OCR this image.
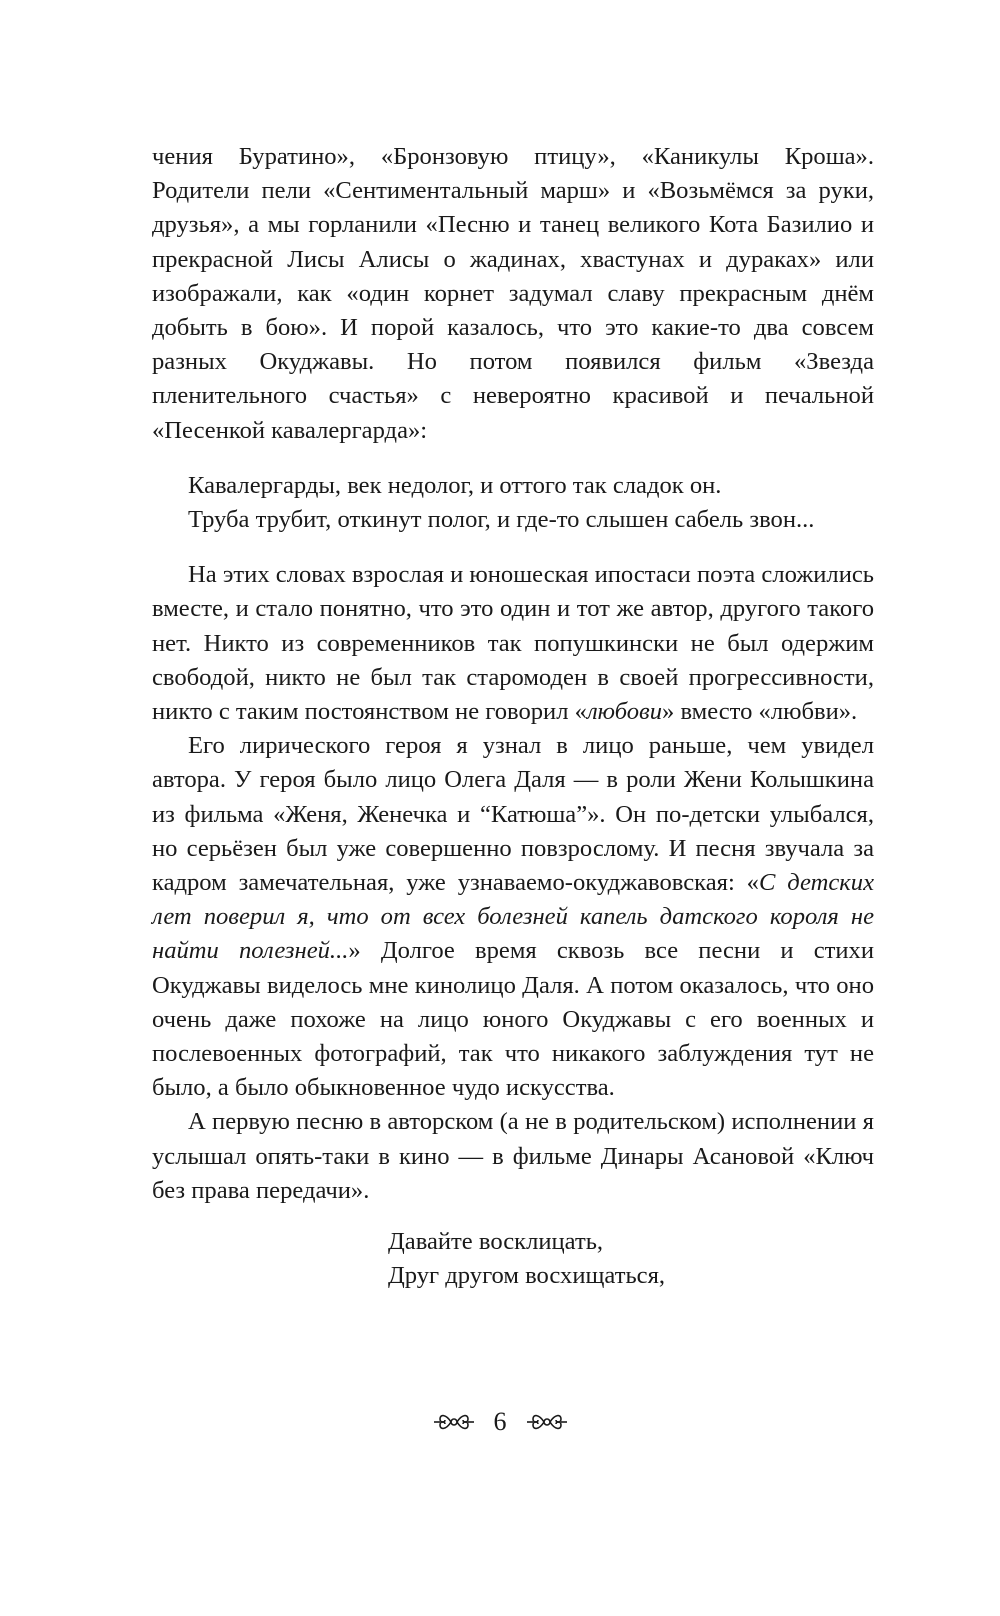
чения Буратино», «Бронзовую птицу», «Каникулы Кроша». Родители пели «Сентиментальный марш» и «Возьмёмся за руки, друзья», а мы горланили «Песню и танец великого Кота Базилио и прекрасной Лисы Алисы о жадинах, хвастунах и дураках» или изображали, как «один корнет задумал славу прекрасным днём добыть в бою». И порой казалось, что это какие-то два совсем разных Окуджавы. Но потом появился фильм «Звезда пленительного счастья» с невероятно красивой и печальной «Песенкой кавалергарда»:

Кавалергарды, век недолог, и оттого так сладок он.
Труба трубит, откинут полог, и где-то слышен сабель звон...

На этих словах взрослая и юношеская ипостаси поэта сложились вместе, и стало понятно, что это один и тот же автор, другого такого нет. Никто из современников так попушкински не был одержим свободой, никто не был так старомоден в своей прогрессивности, никто с таким постоянством не говорил «любови» вместо «любви».

Его лирического героя я узнал в лицо раньше, чем увидел автора. У героя было лицо Олега Даля — в роли Жени Колышкина из фильма «Женя, Женечка и “Катюша”». Он по-детски улыбался, но серьёзен был уже совершенно повзрослому. И песня звучала за кадром замечательная, уже узнаваемо-окуджавовская: «С детских лет поверил я, что от всех болезней капель датского короля не найти полезней...» Долгое время сквозь все песни и стихи Окуджавы виделось мне кинолицо Даля. А потом оказалось, что оно очень даже похоже на лицо юного Окуджавы с его военных и послевоенных фотографий, так что никакого заблуждения тут не было, а было обыкновенное чудо искусства.

А первую песню в авторском (а не в родительском) исполнении я услышал опять-таки в кино — в фильме Динары Асановой «Ключ без права передачи».

Давайте восклицать,
Друг другом восхищаться,
6
